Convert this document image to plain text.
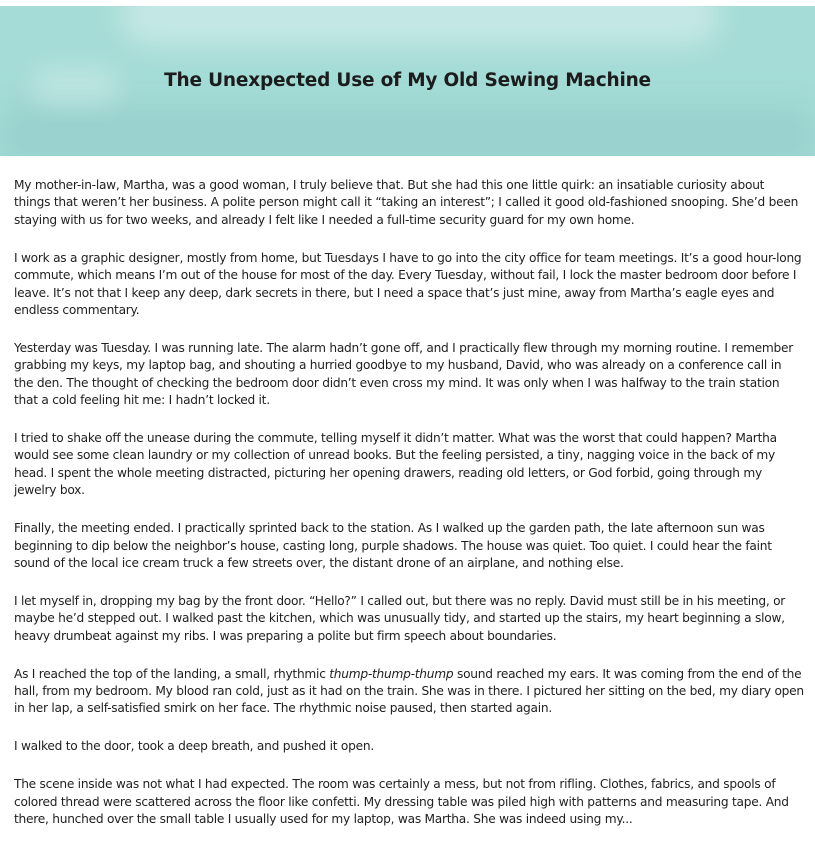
The Unexpected Use of My Old Sewing Machine

My mother-in-law, Martha, was a good woman, I truly believe that. But she had this one little quirk: an insatiable curiosity about things that weren’t her business. A polite person might call it “taking an interest”; I called it good old-fashioned snooping. She’d been staying with us for two weeks, and already I felt like I needed a full-time security guard for my own home.

I work as a graphic designer, mostly from home, but Tuesdays I have to go into the city office for team meetings. It’s a good hour-long commute, which means I’m out of the house for most of the day. Every Tuesday, without fail, I lock the master bedroom door before I leave. It’s not that I keep any deep, dark secrets in there, but I need a space that’s just mine, away from Martha’s eagle eyes and endless commentary.

Yesterday was Tuesday. I was running late. The alarm hadn’t gone off, and I practically flew through my morning routine. I remember grabbing my keys, my laptop bag, and shouting a hurried goodbye to my husband, David, who was already on a conference call in the den. The thought of checking the bedroom door didn’t even cross my mind. It was only when I was halfway to the train station that a cold feeling hit me: I hadn’t locked it.

I tried to shake off the unease during the commute, telling myself it didn’t matter. What was the worst that could happen? Martha would see some clean laundry or my collection of unread books. But the feeling persisted, a tiny, nagging voice in the back of my head. I spent the whole meeting distracted, picturing her opening drawers, reading old letters, or God forbid, going through my jewelry box.

Finally, the meeting ended. I practically sprinted back to the station. As I walked up the garden path, the late afternoon sun was beginning to dip below the neighbor’s house, casting long, purple shadows. The house was quiet. Too quiet. I could hear the faint sound of the local ice cream truck a few streets over, the distant drone of an airplane, and nothing else.

I let myself in, dropping my bag by the front door. “Hello?” I called out, but there was no reply. David must still be in his meeting, or maybe he’d stepped out. I walked past the kitchen, which was unusually tidy, and started up the stairs, my heart beginning a slow, heavy drumbeat against my ribs. I was preparing a polite but firm speech about boundaries.

As I reached the top of the landing, a small, rhythmic thump-thump-thump sound reached my ears. It was coming from the end of the hall, from my bedroom. My blood ran cold, just as it had on the train. She was in there. I pictured her sitting on the bed, my diary open in her lap, a self-satisfied smirk on her face. The rhythmic noise paused, then started again.

I walked to the door, took a deep breath, and pushed it open.

The scene inside was not what I had expected. The room was certainly a mess, but not from rifling. Clothes, fabrics, and spools of colored thread were scattered across the floor like confetti. My dressing table was piled high with patterns and measuring tape. And there, hunched over the small table I usually used for my laptop, was Martha. She was indeed using my...
